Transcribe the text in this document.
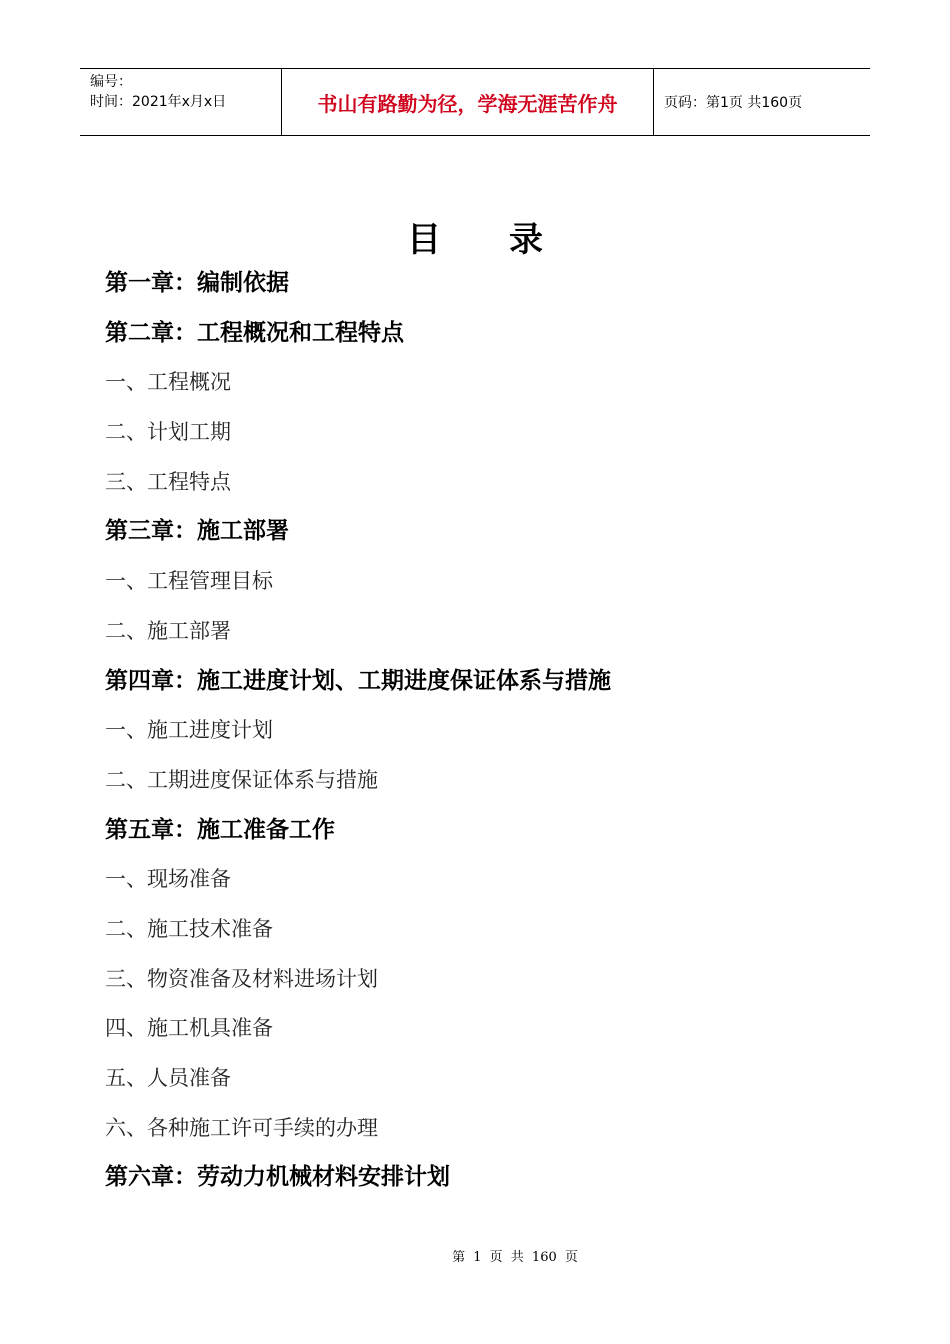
编号：
时间：2021年x月x日	书山有路勤为径，学海无涯苦作舟	页码：第1页 共160页
目　　录
第一章：编制依据
第二章：工程概况和工程特点
一、工程概况
二、计划工期
三、工程特点
第三章：施工部署
一、工程管理目标
二、施工部署
第四章：施工进度计划、工期进度保证体系与措施
一、施工进度计划
二、工期进度保证体系与措施
第五章：施工准备工作
一、现场准备
二、施工技术准备
三、物资准备及材料进场计划
四、施工机具准备
五、人员准备
六、各种施工许可手续的办理
第六章：劳动力机械材料安排计划
第 1 页 共 160 页
